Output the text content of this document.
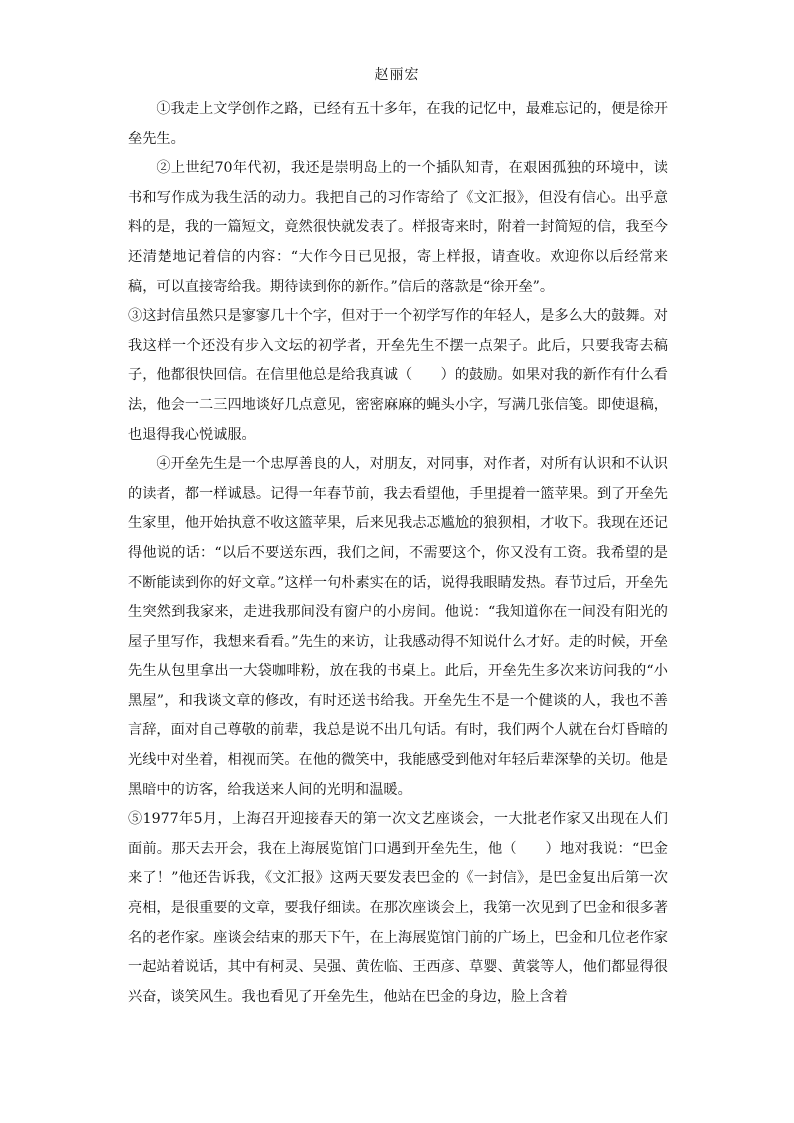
赵丽宏

①我走上文学创作之路，已经有五十多年，在我的记忆中，最难忘记的，便是徐开垒先生。

②上世纪70年代初，我还是崇明岛上的一个插队知青，在艰困孤独的环境中，读书和写作成为我生活的动力。我把自己的习作寄给了《文汇报》，但没有信心。出乎意料的是，我的一篇短文，竟然很快就发表了。样报寄来时，附着一封简短的信，我至今还清楚地记着信的内容：“大作今日已见报，寄上样报，请查收。欢迎你以后经常来稿，可以直接寄给我。期待读到你的新作。”信后的落款是“徐开垒”。

③这封信虽然只是寥寥几十个字，但对于一个初学写作的年轻人，是多么大的鼓舞。对我这样一个还没有步入文坛的初学者，开垒先生不摆一点架子。此后，只要我寄去稿子，他都很快回信。在信里他总是给我真诚（　　）的鼓励。如果对我的新作有什么看法，他会一二三四地谈好几点意见，密密麻麻的蝇头小字，写满几张信笺。即使退稿，也退得我心悦诚服。

④开垒先生是一个忠厚善良的人，对朋友，对同事，对作者，对所有认识和不认识的读者，都一样诚恳。记得一年春节前，我去看望他，手里提着一篮苹果。到了开垒先生家里，他开始执意不收这篮苹果，后来见我忐忑尴尬的狼狈相，才收下。我现在还记得他说的话：“以后不要送东西，我们之间，不需要这个，你又没有工资。我希望的是不断能读到你的好文章。”这样一句朴素实在的话，说得我眼睛发热。春节过后，开垒先生突然到我家来，走进我那间没有窗户的小房间。他说：“我知道你在一间没有阳光的屋子里写作，我想来看看。”先生的来访，让我感动得不知说什么才好。走的时候，开垒先生从包里拿出一大袋咖啡粉，放在我的书桌上。此后，开垒先生多次来访问我的“小黑屋”，和我谈文章的修改，有时还送书给我。开垒先生不是一个健谈的人，我也不善言辞，面对自己尊敬的前辈，我总是说不出几句话。有时，我们两个人就在台灯昏暗的光线中对坐着，相视而笑。在他的微笑中，我能感受到他对年轻后辈深挚的关切。他是黑暗中的访客，给我送来人间的光明和温暖。

⑤1977年5月，上海召开迎接春天的第一次文艺座谈会，一大批老作家又出现在人们面前。那天去开会，我在上海展览馆门口遇到开垒先生，他（　　）地对我说：“巴金来了！”他还告诉我，《文汇报》这两天要发表巴金的《一封信》，是巴金复出后第一次亮相，是很重要的文章，要我仔细读。在那次座谈会上，我第一次见到了巴金和很多著名的老作家。座谈会结束的那天下午，在上海展览馆门前的广场上，巴金和几位老作家一起站着说话，其中有柯灵、吴强、黄佐临、王西彦、草婴、黄裳等人，他们都显得很兴奋，谈笑风生。我也看见了开垒先生，他站在巴金的身边，脸上含着
